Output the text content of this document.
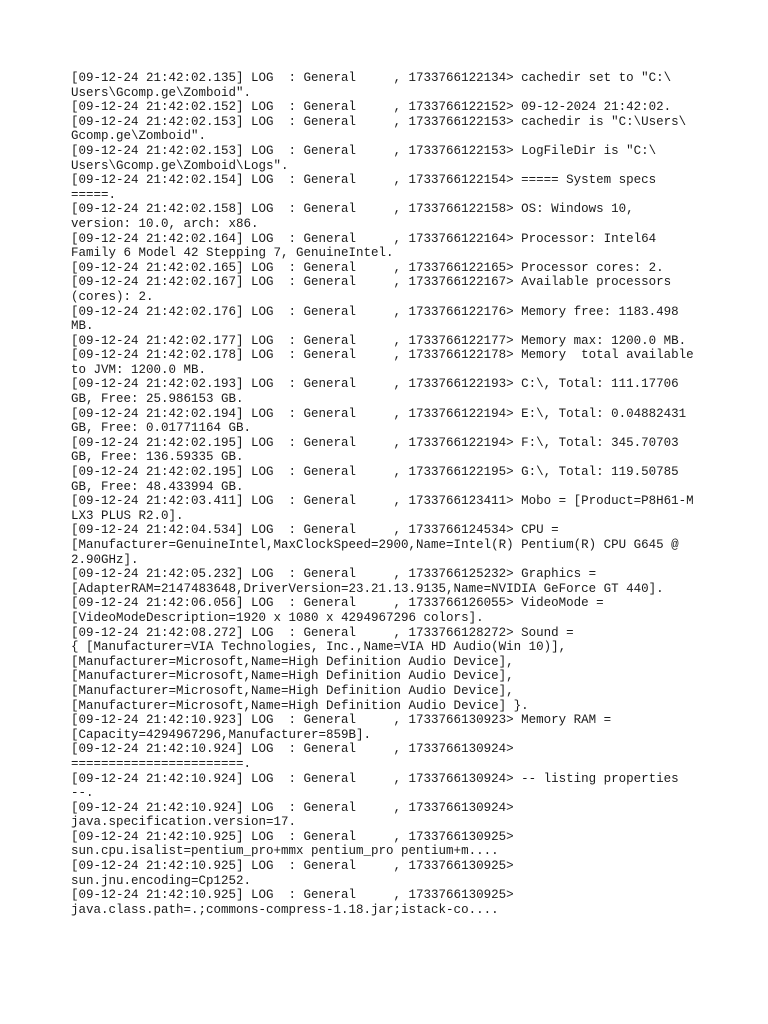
[09-12-24 21:42:02.135] LOG  : General     , 1733766122134> cachedir set to "C:\
Users\Gcomp.ge\Zomboid".
[09-12-24 21:42:02.152] LOG  : General     , 1733766122152> 09-12-2024 21:42:02.
[09-12-24 21:42:02.153] LOG  : General     , 1733766122153> cachedir is "C:\Users\
Gcomp.ge\Zomboid".
[09-12-24 21:42:02.153] LOG  : General     , 1733766122153> LogFileDir is "C:\
Users\Gcomp.ge\Zomboid\Logs".
[09-12-24 21:42:02.154] LOG  : General     , 1733766122154> ===== System specs
=====.
[09-12-24 21:42:02.158] LOG  : General     , 1733766122158> OS: Windows 10,
version: 10.0, arch: x86.
[09-12-24 21:42:02.164] LOG  : General     , 1733766122164> Processor: Intel64
Family 6 Model 42 Stepping 7, GenuineIntel.
[09-12-24 21:42:02.165] LOG  : General     , 1733766122165> Processor cores: 2.
[09-12-24 21:42:02.167] LOG  : General     , 1733766122167> Available processors
(cores): 2.
[09-12-24 21:42:02.176] LOG  : General     , 1733766122176> Memory free: 1183.498
MB.
[09-12-24 21:42:02.177] LOG  : General     , 1733766122177> Memory max: 1200.0 MB.
[09-12-24 21:42:02.178] LOG  : General     , 1733766122178> Memory  total available
to JVM: 1200.0 MB.
[09-12-24 21:42:02.193] LOG  : General     , 1733766122193> C:\, Total: 111.17706
GB, Free: 25.986153 GB.
[09-12-24 21:42:02.194] LOG  : General     , 1733766122194> E:\, Total: 0.04882431
GB, Free: 0.01771164 GB.
[09-12-24 21:42:02.195] LOG  : General     , 1733766122194> F:\, Total: 345.70703
GB, Free: 136.59335 GB.
[09-12-24 21:42:02.195] LOG  : General     , 1733766122195> G:\, Total: 119.50785
GB, Free: 48.433994 GB.
[09-12-24 21:42:03.411] LOG  : General     , 1733766123411> Mobo = [Product=P8H61-M
LX3 PLUS R2.0].
[09-12-24 21:42:04.534] LOG  : General     , 1733766124534> CPU =
[Manufacturer=GenuineIntel,MaxClockSpeed=2900,Name=Intel(R) Pentium(R) CPU G645 @
2.90GHz].
[09-12-24 21:42:05.232] LOG  : General     , 1733766125232> Graphics =
[AdapterRAM=2147483648,DriverVersion=23.21.13.9135,Name=NVIDIA GeForce GT 440].
[09-12-24 21:42:06.056] LOG  : General     , 1733766126055> VideoMode =
[VideoModeDescription=1920 x 1080 x 4294967296 colors].
[09-12-24 21:42:08.272] LOG  : General     , 1733766128272> Sound =
{ [Manufacturer=VIA Technologies, Inc.,Name=VIA HD Audio(Win 10)],
[Manufacturer=Microsoft,Name=High Definition Audio Device],
[Manufacturer=Microsoft,Name=High Definition Audio Device],
[Manufacturer=Microsoft,Name=High Definition Audio Device],
[Manufacturer=Microsoft,Name=High Definition Audio Device] }.
[09-12-24 21:42:10.923] LOG  : General     , 1733766130923> Memory RAM =
[Capacity=4294967296,Manufacturer=859B].
[09-12-24 21:42:10.924] LOG  : General     , 1733766130924>
=======================.
[09-12-24 21:42:10.924] LOG  : General     , 1733766130924> -- listing properties
--.
[09-12-24 21:42:10.924] LOG  : General     , 1733766130924>
java.specification.version=17.
[09-12-24 21:42:10.925] LOG  : General     , 1733766130925>
sun.cpu.isalist=pentium_pro+mmx pentium_pro pentium+m....
[09-12-24 21:42:10.925] LOG  : General     , 1733766130925>
sun.jnu.encoding=Cp1252.
[09-12-24 21:42:10.925] LOG  : General     , 1733766130925>
java.class.path=.;commons-compress-1.18.jar;istack-co....
